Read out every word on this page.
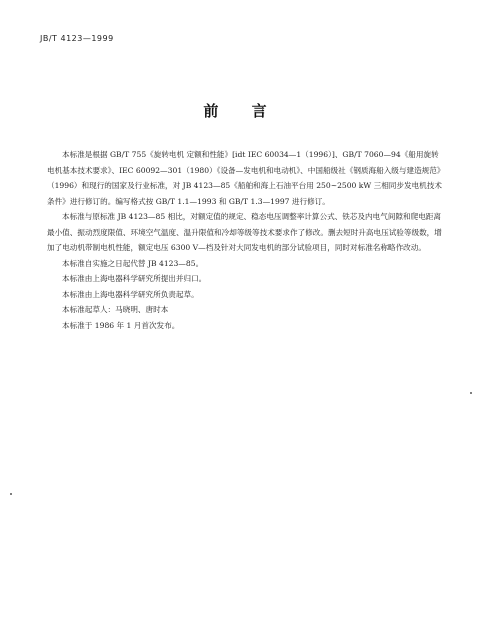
JB/T 4123—1999
前 言

本标准是根据 GB/T 755《旋转电机 定额和性能》[idt IEC 60034—1（1996）]、GB/T 7060—94《船用旋转电机基本技术要求》、IEC 60092—301（1980）《设备—发电机和电动机》、中国船级社《钢质海船入级与建造规范》（1996）和现行的国家及行业标准，对 JB 4123—85《船舶和海上石油平台用 250~2500 kW 三相同步发电机技术条件》进行修订的。编写格式按 GB/T 1.1—1993 和 GB/T 1.3—1997 进行修订。

本标准与原标准 JB 4123—85 相比，对额定值的规定、稳态电压调整率计算公式、铁芯及内电气间隙和爬电距离最小值、振动烈度限值、环境空气温度、温升限值和冷却等级等技术要求作了修改。删去短时升高电压试验等级数，增加了电动机带制电机性能，额定电压 6300 V—档及针对大同发电机的部分试验项目，同时对标准名称略作改动。

本标准自实施之日起代替 JB 4123—85。

本标准由上海电器科学研究所提出并归口。

本标准由上海电器科学研究所负责起草。

本标准起草人：马晓明、唐时本

本标准于 1986 年 1 月首次发布。
